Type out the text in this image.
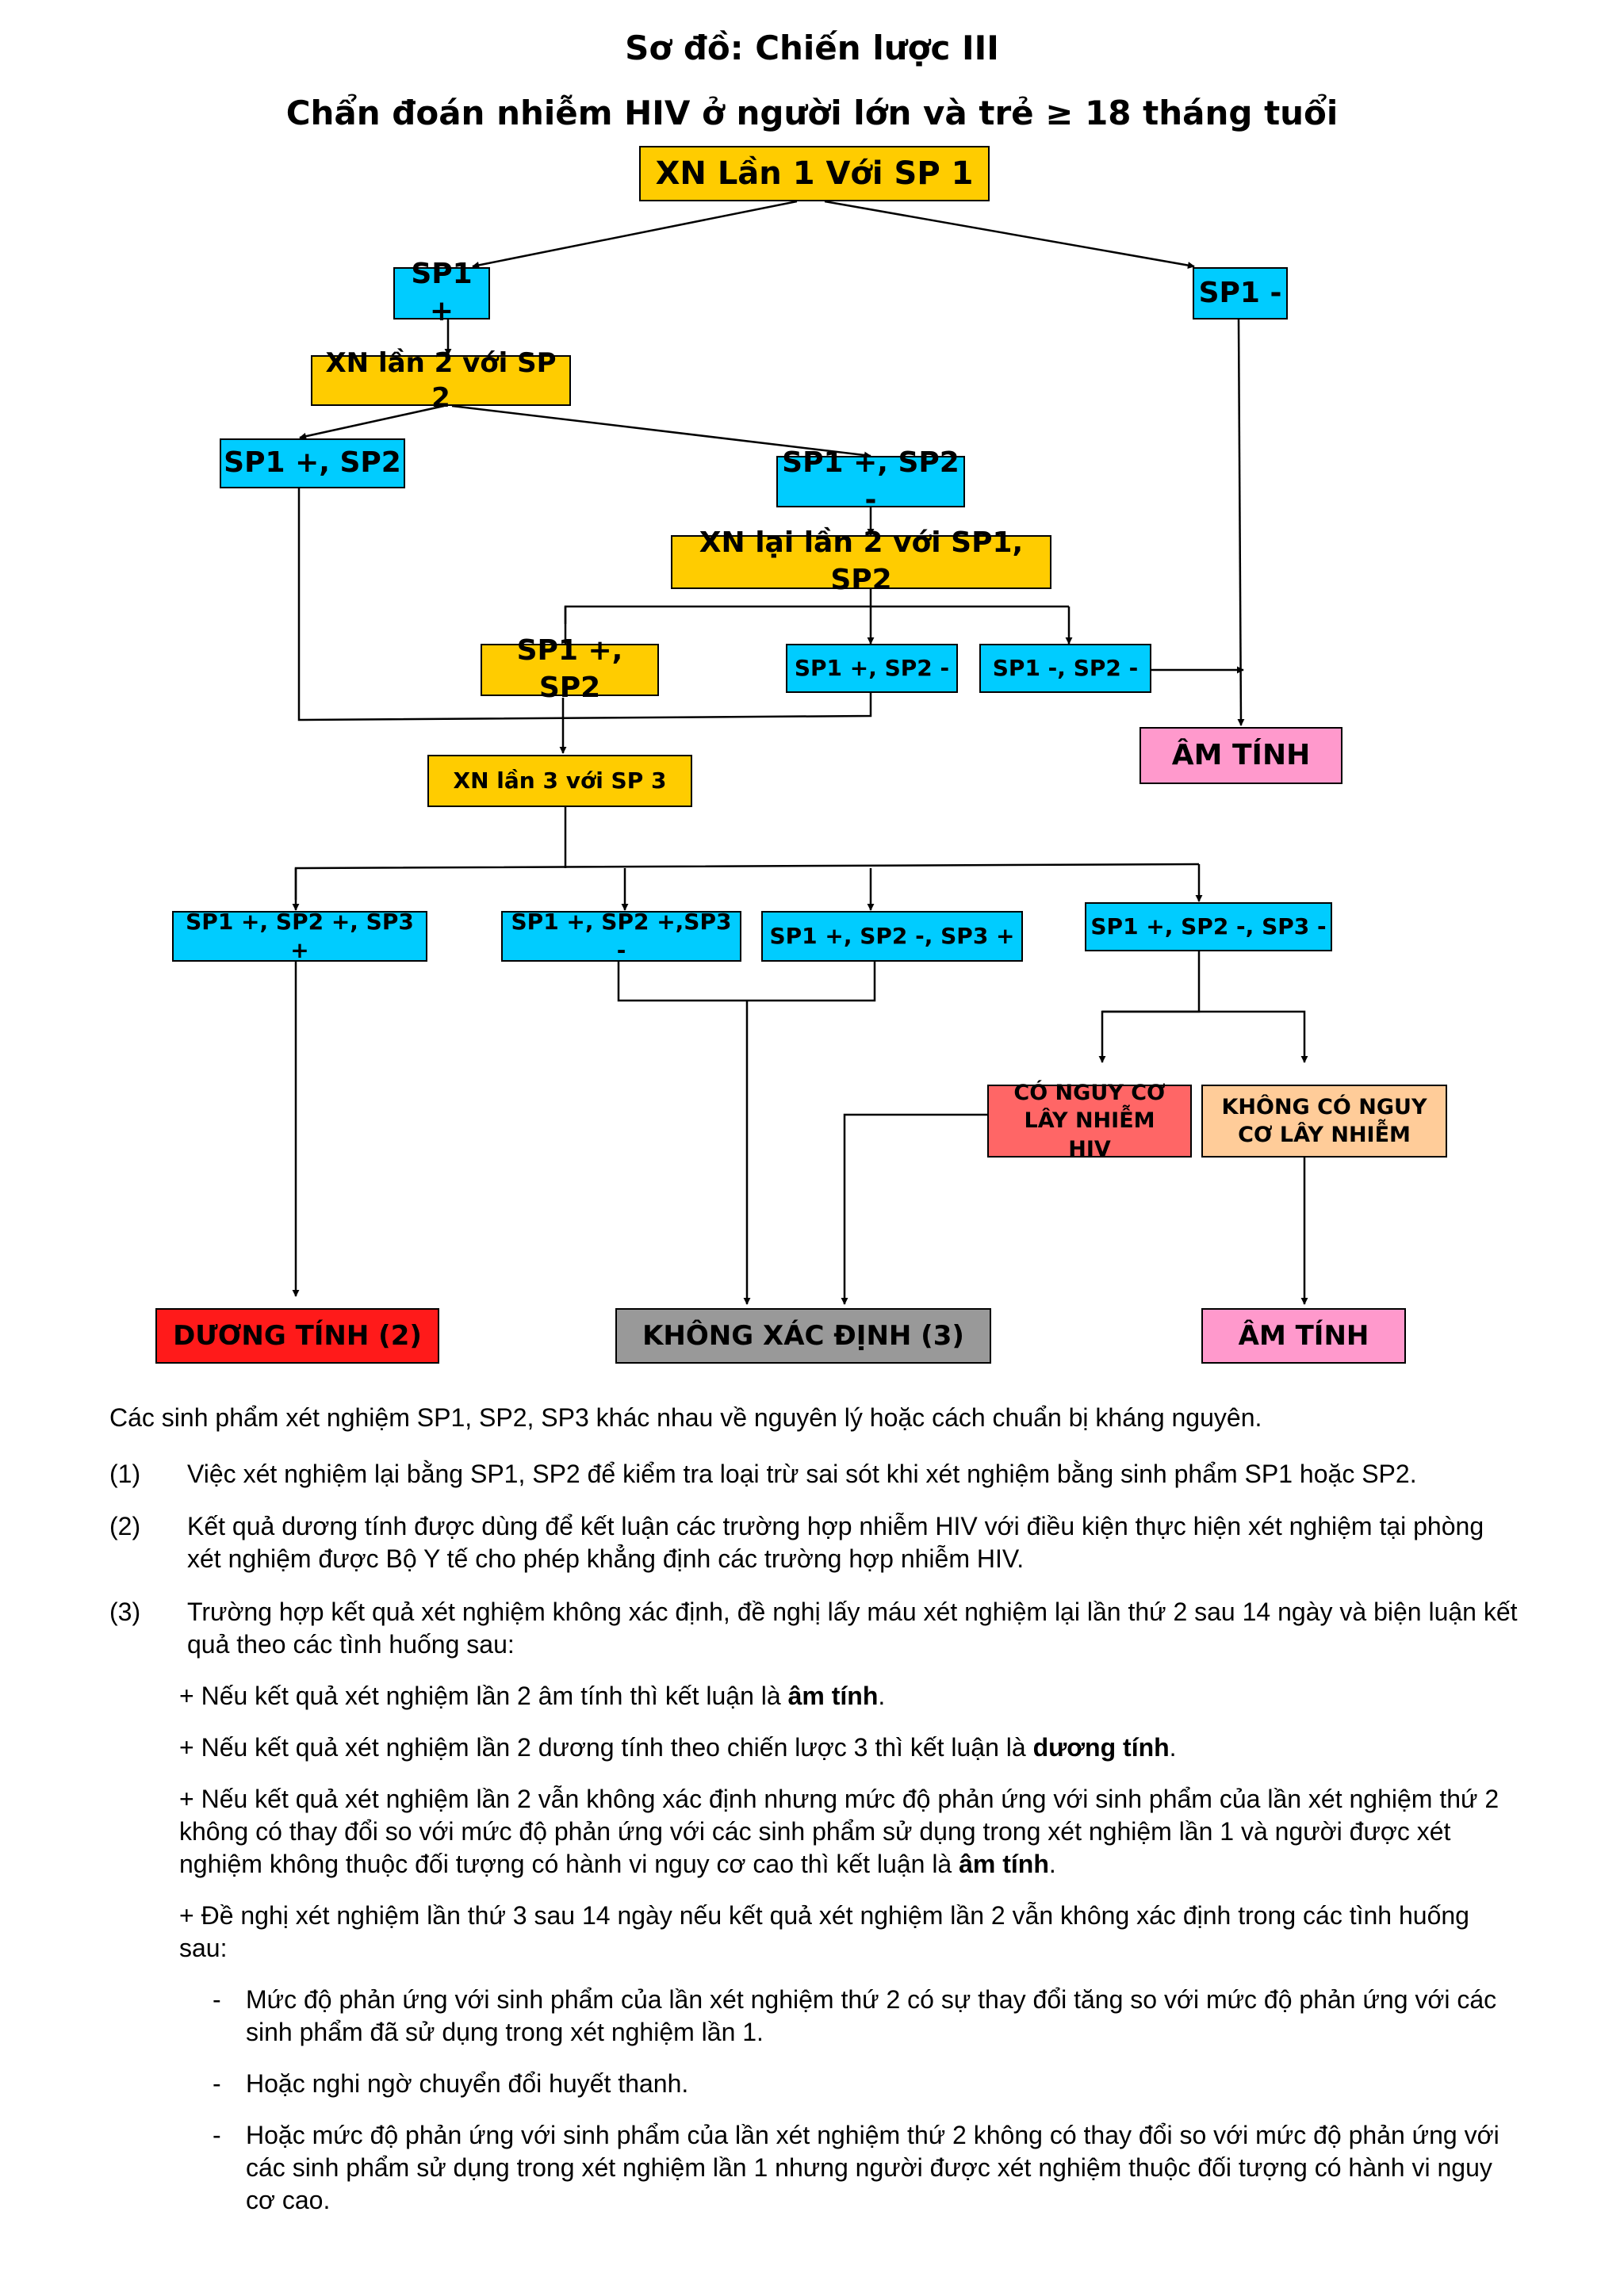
Sơ đồ: Chiến lược III
Chẩn đoán nhiễm HIV ở người lớn và trẻ ≥ 18 tháng tuổi
XN Lần 1 Với SP 1
SP1 +
SP1 -
XN lần 2 với SP 2
SP1 +, SP2	SP1 +, SP2 -
XN lại lần 2 với SP1, SP2
SP1 +, SP2
SP1 +, SP2 -	SP1 -, SP2 -
ÂM TÍNH
XN lần 3 với SP 3
SP1 +, SP2 +, SP3 +
SP1 +, SP2 +,SP3 -
SP1 +, SP2 -, SP3 +	SP1 +, SP2 -, SP3 -
CÓ NGUY CƠ LÂY NHIỄM HIV
KHÔNG CÓ NGUY CƠ LÂY NHIỄM
DƯƠNG TÍNH (2)	KHÔNG XÁC ĐỊNH (3)	ÂM TÍNH

Các sinh phẩm xét nghiệm SP1, SP2, SP3 khác nhau về nguyên lý hoặc cách chuẩn bị kháng nguyên.

(1) Việc xét nghiệm lại bằng SP1, SP2 để kiểm tra loại trừ sai sót khi xét nghiệm bằng sinh phẩm SP1 hoặc SP2.
(2) Kết quả dương tính được dùng để kết luận các trường hợp nhiễm HIV với điều kiện thực hiện xét nghiệm tại phòng xét nghiệm được Bộ Y tế cho phép khẳng định các trường hợp nhiễm HIV.
(3) Trường hợp kết quả xét nghiệm không xác định, đề nghị lấy máu xét nghiệm lại lần thứ 2 sau 14 ngày và biện luận kết quả theo các tình huống sau:

+ Nếu kết quả xét nghiệm lần 2 âm tính thì kết luận là âm tính.

+ Nếu kết quả xét nghiệm lần 2 dương tính theo chiến lược 3 thì kết luận là dương tính.

+ Nếu kết quả xét nghiệm lần 2 vẫn không xác định nhưng mức độ phản ứng với sinh phẩm của lần xét nghiệm thứ 2 không có thay đổi so với mức độ phản ứng với các sinh phẩm sử dụng trong xét nghiệm lần 1 và người được xét nghiệm không thuộc đối tượng có hành vi nguy cơ cao thì kết luận là âm tính.

+ Đề nghị xét nghiệm lần thứ 3 sau 14 ngày nếu kết quả xét nghiệm lần 2 vẫn không xác định trong các tình huống sau:

- Mức độ phản ứng với sinh phẩm của lần xét nghiệm thứ 2 có sự thay đổi tăng so với mức độ phản ứng với các sinh phẩm đã sử dụng trong xét nghiệm lần 1.
- Hoặc nghi ngờ chuyển đổi huyết thanh.
- Hoặc mức độ phản ứng với sinh phẩm của lần xét nghiệm thứ 2 không có thay đổi so với mức độ phản ứng với các sinh phẩm sử dụng trong xét nghiệm lần 1 nhưng người được xét nghiệm thuộc đối tượng có hành vi nguy cơ cao.
